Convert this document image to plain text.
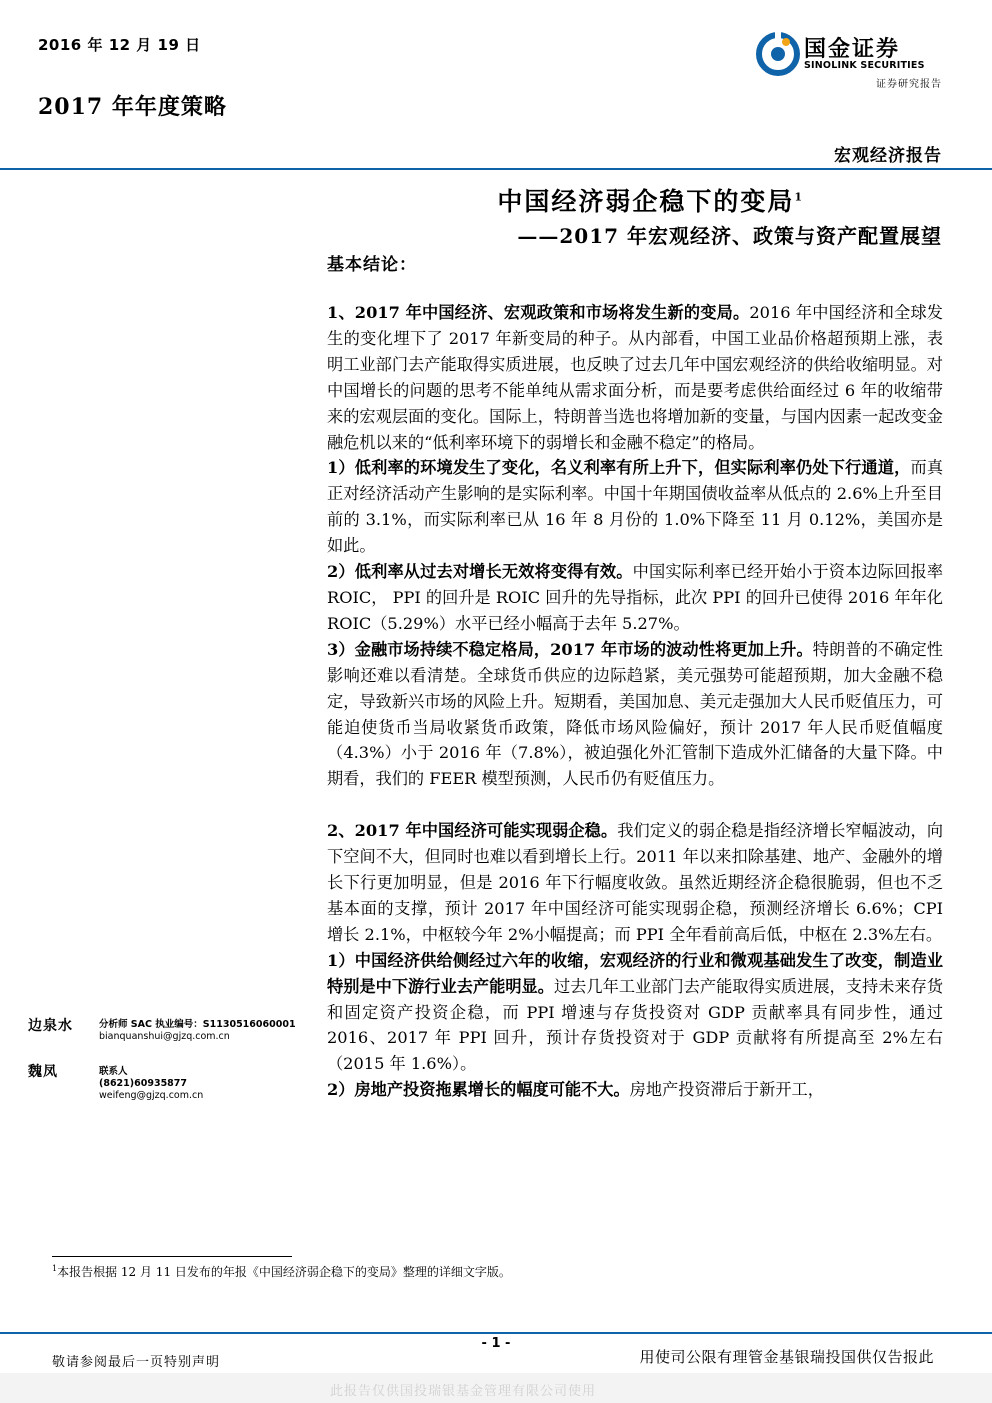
2016 年 12 月 19 日
2017 年年度策略
国金证券
SINOLINK SECURITIES
证券研究报告
宏观经济报告
中国经济弱企稳下的变局$^1$
——2017 年宏观经济、政策与资产配置展望
基本结论：

1、2017 年中国经济、宏观政策和市场将发生新的变局。2016 年中国经济和全球发生的变化埋下了 2017 年新变局的种子。从内部看，中国工业品价格超预期上涨，表明工业部门去产能取得实质进展，也反映了过去几年中国宏观经济的供给收缩明显。对中国增长的问题的思考不能单纯从需求面分析，而是要考虑供给面经过 6 年的收缩带来的宏观层面的变化。国际上，特朗普当选也将增加新的变量，与国内因素一起改变金融危机以来的“低利率环境下的弱增长和金融不稳定”的格局。

1）低利率的环境发生了变化，名义利率有所上升下，但实际利率仍处下行通道，而真正对经济活动产生影响的是实际利率。中国十年期国债收益率从低点的 2.6%上升至目前的 3.1%，而实际利率已从 16 年 8 月份的 1.0%下降至 11 月 0.12%，美国亦是如此。

2）低利率从过去对增长无效将变得有效。中国实际利率已经开始小于资本边际回报率 ROIC， PPI 的回升是 ROIC 回升的先导指标，此次 PPI 的回升已使得 2016 年年化 ROIC（5.29%）水平已经小幅高于去年 5.27%。

3）金融市场持续不稳定格局，2017 年市场的波动性将更加上升。特朗普的不确定性影响还难以看清楚。全球货币供应的边际趋紧，美元强势可能超预期，加大金融不稳定，导致新兴市场的风险上升。短期看，美国加息、美元走强加大人民币贬值压力，可能迫使货币当局收紧货币政策，降低市场风险偏好，预计 2017 年人民币贬值幅度（4.3%）小于 2016 年（7.8%），被迫强化外汇管制下造成外汇储备的大量下降。中期看，我们的 FEER 模型预测，人民币仍有贬值压力。

2、2017 年中国经济可能实现弱企稳。我们定义的弱企稳是指经济增长窄幅波动，向下空间不大，但同时也难以看到增长上行。2011 年以来扣除基建、地产、金融外的增长下行更加明显，但是 2016 年下行幅度收敛。虽然近期经济企稳很脆弱，但也不乏基本面的支撑，预计 2017 年中国经济可能实现弱企稳，预测经济增长 6.6%；CPI 增长 2.1%，中枢较今年 2%小幅提高；而 PPI 全年看前高后低，中枢在 2.3%左右。

1）中国经济供给侧经过六年的收缩，宏观经济的行业和微观基础发生了改变，制造业特别是中下游行业去产能明显。过去几年工业部门去产能取得实质进展，支持未来存货和固定资产投资企稳，而 PPI 增速与存货投资对 GDP 贡献率具有同步性，通过 2016、2017 年 PPI 回升，预计存货投资对于 GDP 贡献将有所提高至 2%左右（2015 年 1.6%）。

2）房地产投资拖累增长的幅度可能不大。房地产投资滞后于新开工，

边泉水	分析师 SAC 执业编号：S1130516060001
bianquanshui@gjzq.com.cn
魏凤	联系人
(8621)60935877
weifeng@gjzq.com.cn
$^1$本报告根据 12 月 11 日发布的年报《中国经济弱企稳下的变局》整理的详细文字版。
- 1 -
敬请参阅最后一页特别声明	用使司公限有理管金基银瑞投国供仅告报此
此报告仅供国投瑞银基金管理有限公司使用
